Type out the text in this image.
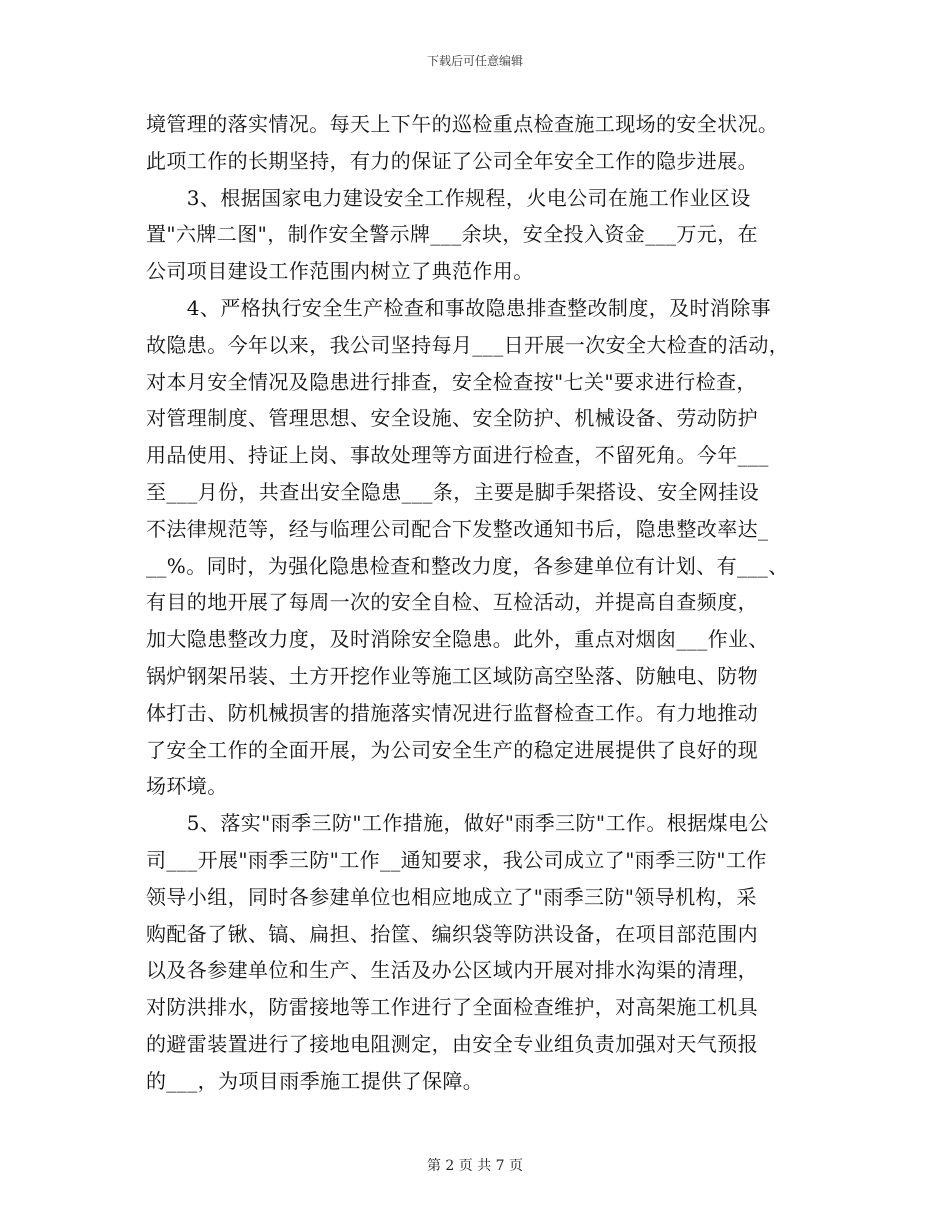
下载后可任意编辑
境管理的落实情况。每天上下午的巡检重点检查施工现场的安全状况。
此项工作的长期坚持，有力的保证了公司全年安全工作的隐步进展。
　　3、根据国家电力建设安全工作规程，火电公司在施工作业区设
置"六牌二图"，制作安全警示牌___余块，安全投入资金___万元，在
公司项目建设工作范围内树立了典范作用。
　　4、严格执行安全生产检查和事故隐患排查整改制度，及时消除事
故隐患。今年以来，我公司坚持每月___日开展一次安全大检查的活动，
对本月安全情况及隐患进行排查，安全检查按"七关"要求进行检查，
对管理制度、管理思想、安全设施、安全防护、机械设备、劳动防护
用品使用、持证上岗、事故处理等方面进行检查，不留死角。今年___
至___月份，共查出安全隐患___条，主要是脚手架搭设、安全网挂设
不法律规范等，经与临理公司配合下发整改通知书后，隐患整改率达_
__%。同时，为强化隐患检查和整改力度，各参建单位有计划、有___、
有目的地开展了每周一次的安全自检、互检活动，并提高自查频度，
加大隐患整改力度，及时消除安全隐患。此外，重点对烟囱___作业、
锅炉钢架吊装、土方开挖作业等施工区域防高空坠落、防触电、防物
体打击、防机械损害的措施落实情况进行监督检查工作。有力地推动
了安全工作的全面开展，为公司安全生产的稳定进展提供了良好的现
场环境。
　　5、落实"雨季三防"工作措施，做好"雨季三防"工作。根据煤电公
司___开展"雨季三防"工作__通知要求，我公司成立了"雨季三防"工作
领导小组，同时各参建单位也相应地成立了"雨季三防"领导机构，采
购配备了锹、镐、扁担、抬筐、编织袋等防洪设备，在项目部范围内
以及各参建单位和生产、生活及办公区域内开展对排水沟渠的清理，
对防洪排水，防雷接地等工作进行了全面检查维护，对高架施工机具
的避雷装置进行了接地电阻测定，由安全专业组负责加强对天气预报
的___，为项目雨季施工提供了保障。
第 2 页 共 7 页
